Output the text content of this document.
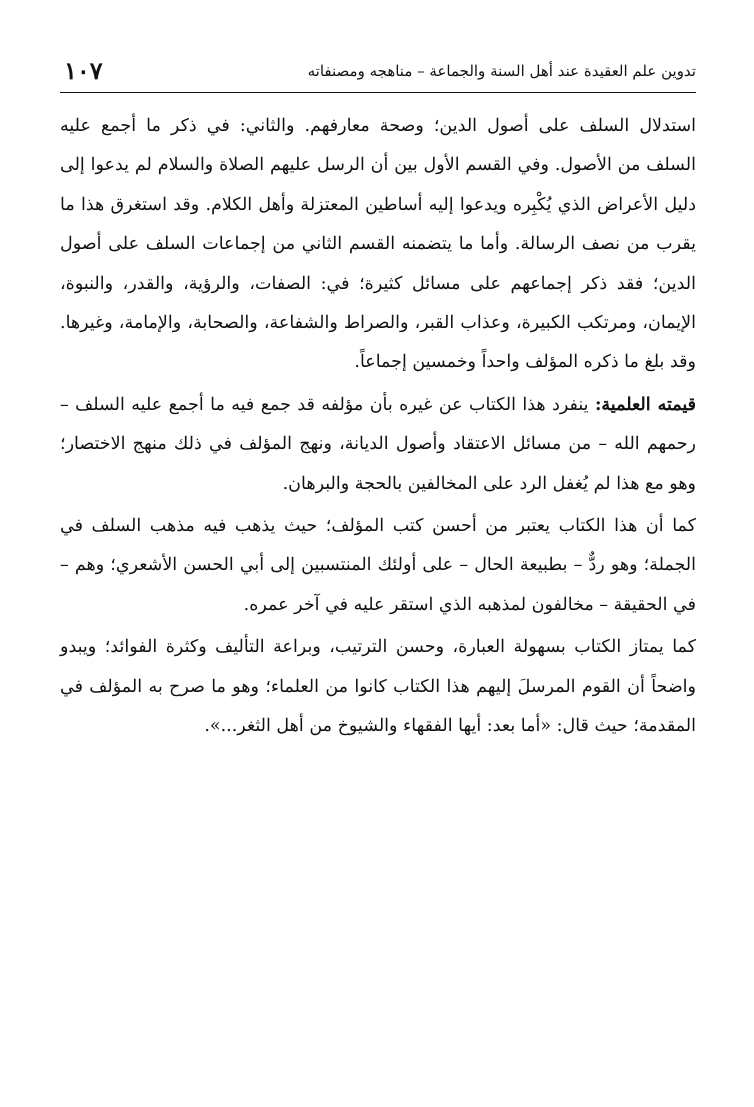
تدوين علم العقيدة عند أهل السنة والجماعة – مناهجه ومصنفاته
١٠٧

استدلال السلف على أصول الدين؛ وصحة معارفهم. والثاني: في ذكر ما أجمع عليه السلف من الأصول. وفي القسم الأول بين أن الرسل عليهم الصلاة والسلام لم يدعوا إلى دليل الأعراض الذي يُكْبِره ويدعوا إليه أساطين المعتزلة وأهل الكلام. وقد استغرق هذا ما يقرب من نصف الرسالة. وأما ما يتضمنه القسم الثاني من إجماعات السلف على أصول الدين؛ فقد ذكر إجماعهم على مسائل كثيرة؛ في: الصفات، والرؤية، والقدر، والنبوة، الإيمان، ومرتكب الكبيرة، وعذاب القبر، والصراط والشفاعة، والصحابة، والإمامة، وغيرها. وقد بلغ ما ذكره المؤلف واحداً وخمسين إجماعاً.

قيمته العلمية: ينفرد هذا الكتاب عن غيره بأن مؤلفه قد جمع فيه ما أجمع عليه السلف – رحمهم الله – من مسائل الاعتقاد وأصول الديانة، ونهج المؤلف في ذلك منهج الاختصار؛ وهو مع هذا لم يُغفل الرد على المخالفين بالحجة والبرهان.

كما أن هذا الكتاب يعتبر من أحسن كتب المؤلف؛ حيث يذهب فيه مذهب السلف في الجملة؛ وهو ردٌّ – بطبيعة الحال – على أولئك المنتسبين إلى أبي الحسن الأشعري؛ وهم – في الحقيقة – مخالفون لمذهبه الذي استقر عليه في آخر عمره.

كما يمتاز الكتاب بسهولة العبارة، وحسن الترتيب، وبراعة التأليف وكثرة الفوائد؛ ويبدو واضحاً أن القوم المرسلَ إليهم هذا الكتاب كانوا من العلماء؛ وهو ما صرح به المؤلف في المقدمة؛ حيث قال: «أما بعد: أيها الفقهاء والشيوخ من أهل الثغر...».
